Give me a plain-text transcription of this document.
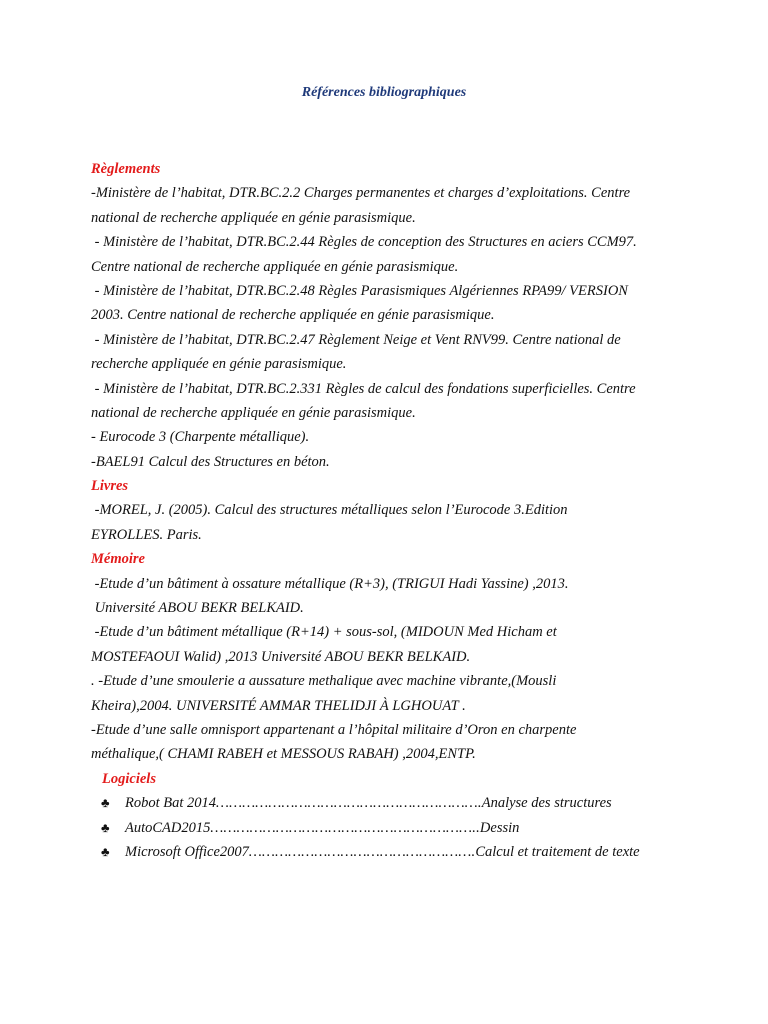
Références bibliographiques
Règlements
-Ministère de l’habitat, DTR.BC.2.2 Charges permanentes et charges d’exploitations. Centre
national de recherche appliquée en génie parasismique.
- Ministère de l’habitat, DTR.BC.2.44 Règles de conception des Structures en aciers CCM97.
Centre national de recherche appliquée en génie parasismique.
- Ministère de l’habitat, DTR.BC.2.48 Règles Parasismiques Algériennes RPA99/ VERSION
2003. Centre national de recherche appliquée en génie parasismique.
- Ministère de l’habitat, DTR.BC.2.47 Règlement Neige et Vent RNV99. Centre national de
recherche appliquée en génie parasismique.
- Ministère de l’habitat, DTR.BC.2.331 Règles de calcul des fondations superficielles. Centre
national de recherche appliquée en génie parasismique.
- Eurocode 3 (Charpente métallique).
-BAEL91 Calcul des Structures en béton.
Livres
-MOREL, J. (2005). Calcul des structures métalliques selon l’Eurocode 3.Edition
EYROLLES. Paris.
Mémoire
-Etude d’un bâtiment à ossature métallique (R+3), (TRIGUI Hadi Yassine) ,2013.
Université ABOU BEKR BELKAID.
-Etude d’un bâtiment métallique (R+14) + sous-sol, (MIDOUN Med Hicham et
MOSTEFAOUI Walid) ,2013 Université ABOU BEKR BELKAID.
. -Etude d’une smoulerie a aussature methalique avec machine vibrante,(Mousli
Kheira),2004. UNIVERSITÉ AMMAR THELIDJI À LGHOUAT .
-Etude d’une salle omnisport appartenant a l’hôpital militaire d’Oron en charpente
méthalique,( CHAMI RABEH et MESSOUS RABAH) ,2004,ENTP.
Logiciels
♣ Robot Bat 2014…………………………………………………….Analyse des structures
♣ AutoCAD2015……………………………………………………..Dessin
♣ Microsoft Office2007…………………………………………….Calcul et traitement de texte
